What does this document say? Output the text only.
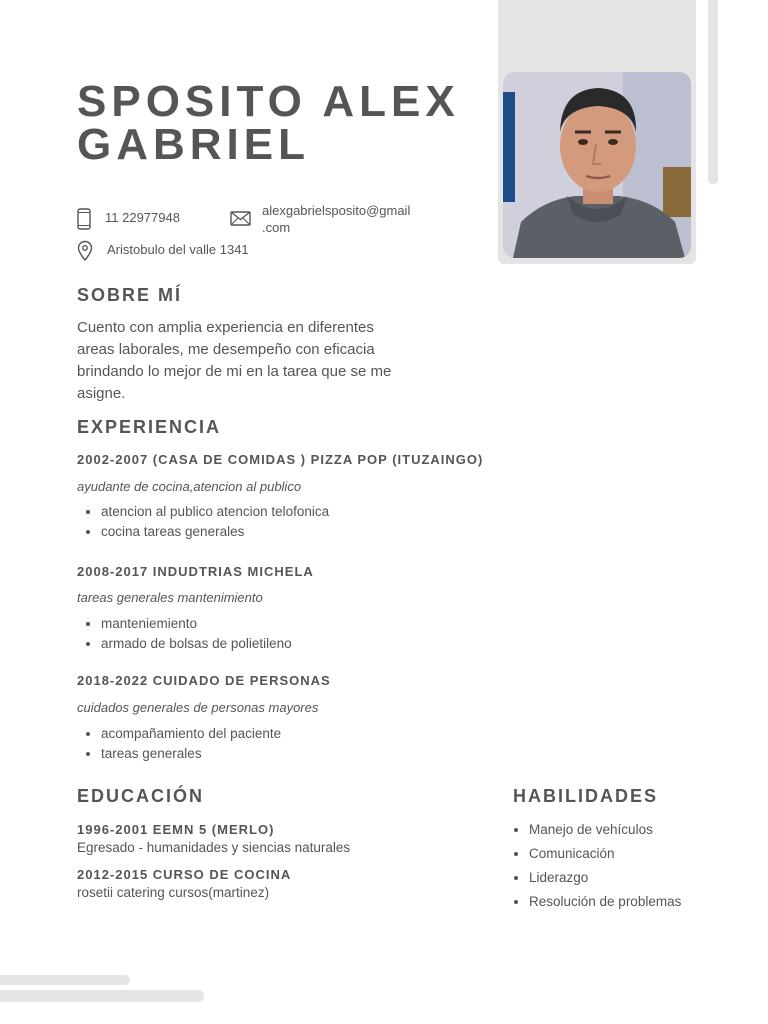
SPOSITO ALEX
GABRIEL
11 22977948	alexgabrielsposito@gmail
.com
Aristobulo del valle 1341
SOBRE MÍ

Cuento con amplia experiencia en diferentes areas laborales, me desempeño con eficacia brindando lo mejor de mi en la tarea que se me asigne.

EXPERIENCIA
2002-2007 (CASA DE COMIDAS ) PIZZA POP (ITUZAINGO)

ayudante de cocina,atencion al publico

• atencion al publico atencion telofonica
• cocina tareas generales
2008-2017 INDUDTRIAS MICHELA

tareas generales mantenimiento

• manteniemiento
• armado de bolsas de polietileno
2018-2022 CUIDADO DE PERSONAS

cuidados generales de personas mayores

• acompañamiento del paciente
• tareas generales
EDUCACIÓN
1996-2001 EEMN 5 (MERLO)

Egresado - humanidades y siencias naturales

2012-2015 CURSO DE COCINA

rosetii catering cursos(martinez)

HABILIDADES
• Manejo de vehículos
• Comunicación
• Liderazgo
• Resolución de problemas
